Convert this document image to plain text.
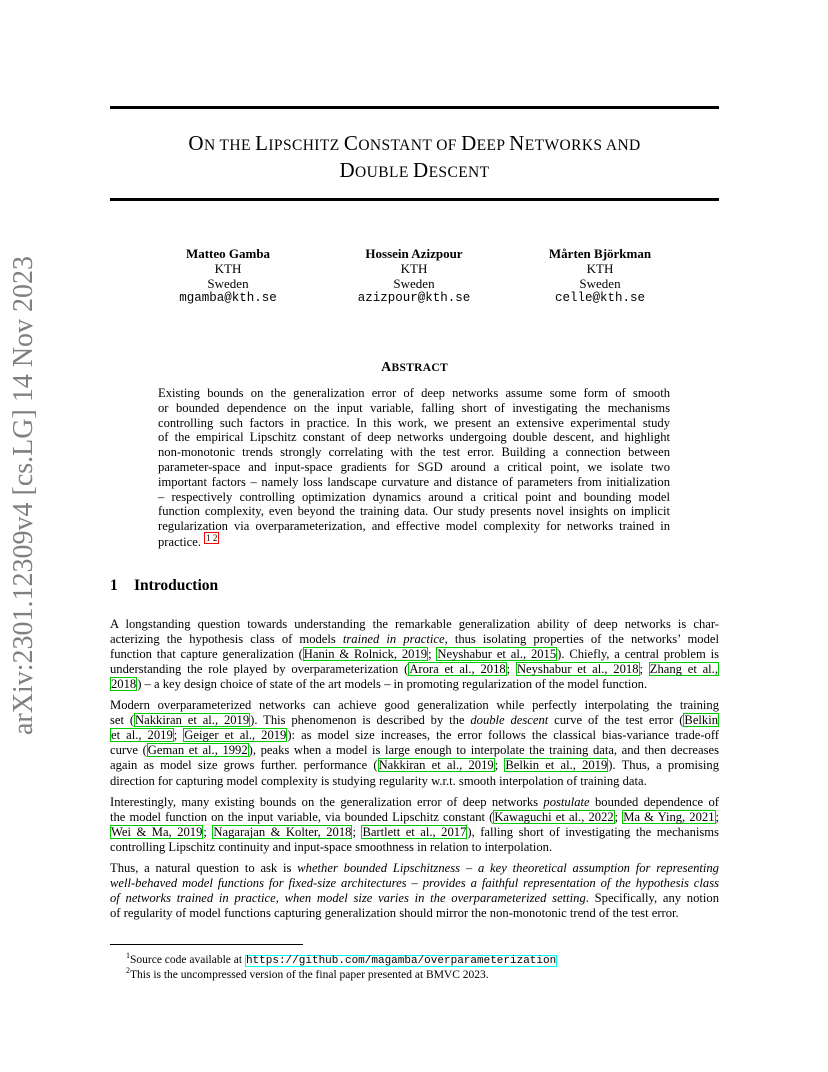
ON THE LIPSCHITZ CONSTANT OF DEEP NETWORKS AND
DOUBLE DESCENT
arXiv:2301.12309v4 [cs.LG] 14 Nov 2023
Matteo Gamba
KTH
Sweden
mgamba@kth.se
Hossein Azizpour
KTH
Sweden
azizpour@kth.se
Mårten Björkman
KTH
Sweden
celle@kth.se
ABSTRACT
Existing bounds on the generalization error of deep networks assume some form of smooth
or bounded dependence on the input variable, falling short of investigating the mechanisms
controlling such factors in practice. In this work, we present an extensive experimental study
of the empirical Lipschitz constant of deep networks undergoing double descent, and highlight
non-monotonic trends strongly correlating with the test error. Building a connection between
parameter-space and input-space gradients for SGD around a critical point, we isolate two
important factors – namely loss landscape curvature and distance of parameters from initialization
– respectively controlling optimization dynamics around a critical point and bounding model
function complexity, even beyond the training data. Our study presents novel insights on implicit
regularization via overparameterization, and effective model complexity for networks trained in
practice. $^{1 2}$
1 Introduction
A longstanding question towards understanding the remarkable generalization ability of deep networks is char-
acterizing the hypothesis class of models trained in practice, thus isolating properties of the networks’ model
function that capture generalization (Hanin & Rolnick, 2019; Neyshabur et al., 2015). Chiefly, a central problem is
understanding the role played by overparameterization (Arora et al., 2018; Neyshabur et al., 2018; Zhang et al.,
2018) – a key design choice of state of the art models – in promoting regularization of the model function.
Modern overparameterized networks can achieve good generalization while perfectly interpolating the training
set (Nakkiran et al., 2019). This phenomenon is described by the double descent curve of the test error (Belkin
et al., 2019; Geiger et al., 2019): as model size increases, the error follows the classical bias-variance trade-off
curve (Geman et al., 1992), peaks when a model is large enough to interpolate the training data, and then decreases
again as model size grows further. performance (Nakkiran et al., 2019; Belkin et al., 2019). Thus, a promising
direction for capturing model complexity is studying regularity w.r.t. smooth interpolation of training data.
Interestingly, many existing bounds on the generalization error of deep networks postulate bounded dependence of
the model function on the input variable, via bounded Lipschitz constant (Kawaguchi et al., 2022; Ma & Ying, 2021;
Wei & Ma, 2019; Nagarajan & Kolter, 2018; Bartlett et al., 2017), falling short of investigating the mechanisms
controlling Lipschitz continuity and input-space smoothness in relation to interpolation.
Thus, a natural question to ask is whether bounded Lipschitzness – a key theoretical assumption for representing
well-behaved model functions for fixed-size architectures – provides a faithful representation of the hypothesis class
of networks trained in practice, when model size varies in the overparameterized setting. Specifically, any notion
of regularity of model functions capturing generalization should mirror the non-monotonic trend of the test error.
$^1$Source code available at https://github.com/magamba/overparameterization
$^2$This is the uncompressed version of the final paper presented at BMVC 2023.
